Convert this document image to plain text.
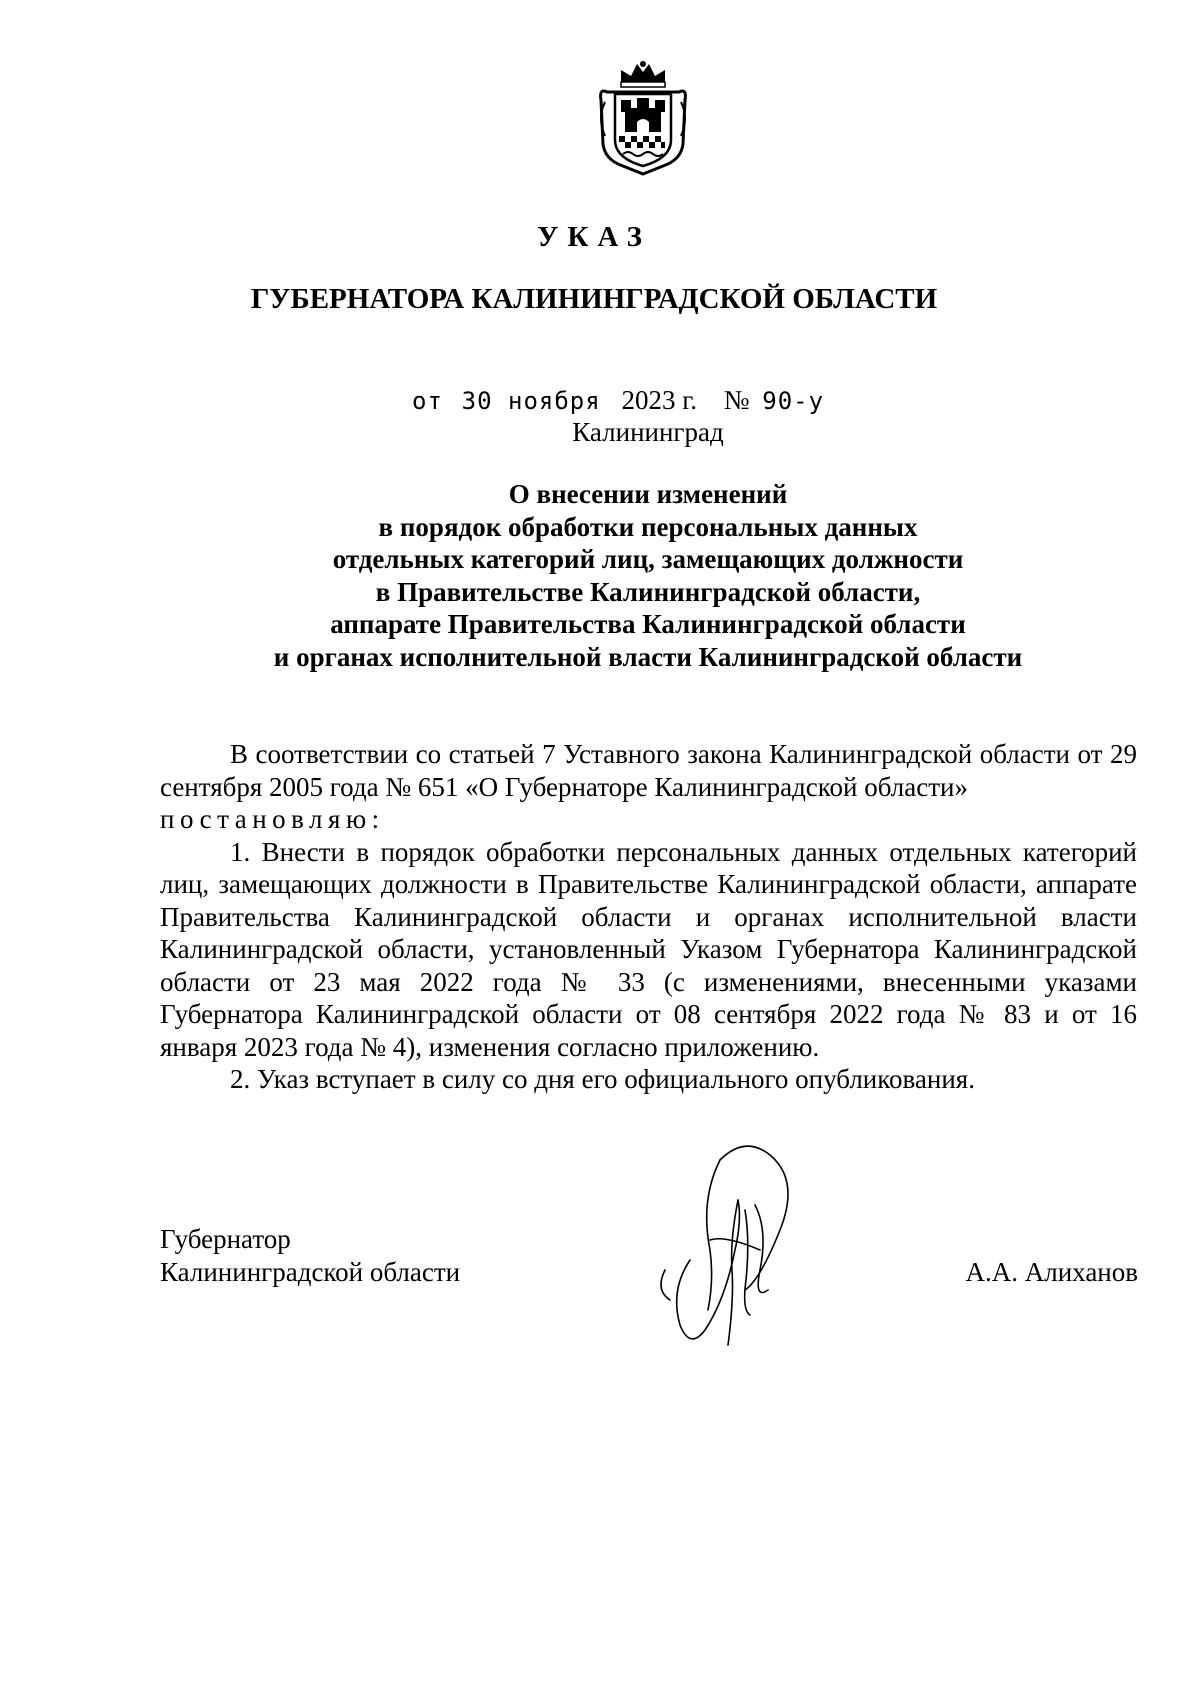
УКАЗ
ГУБЕРНАТОРА КАЛИНИНГРАДСКОЙ ОБЛАСТИ
от 30 ноября 2023 г. № 90-у
Калининград
О внесении изменений
в порядок обработки персональных данных
отдельных категорий лиц, замещающих должности
в Правительстве Калининградской области,
аппарате Правительства Калининградской области
и органах исполнительной власти Калининградской области

В соответствии со статьей 7 Уставного закона Калининградской области от 29 сентября 2005 года № 651 «О Губернаторе Калининградской области»

постановляю:

1. Внести в порядок обработки персональных данных отдельных категорий лиц, замещающих должности в Правительстве Калининградской области, аппарате Правительства Калининградской области и органах исполнительной власти Калининградской области, установленный Указом Губернатора Калининградской области от 23 мая 2022 года № 33 (с изменениями, внесенными указами Губернатора Калининградской области от 08 сентября 2022 года № 83 и от 16 января 2023 года № 4), изменения согласно приложению.

2. Указ вступает в силу со дня его официального опубликования.

Губернатор
Калининградской области	А.А. Алиханов
